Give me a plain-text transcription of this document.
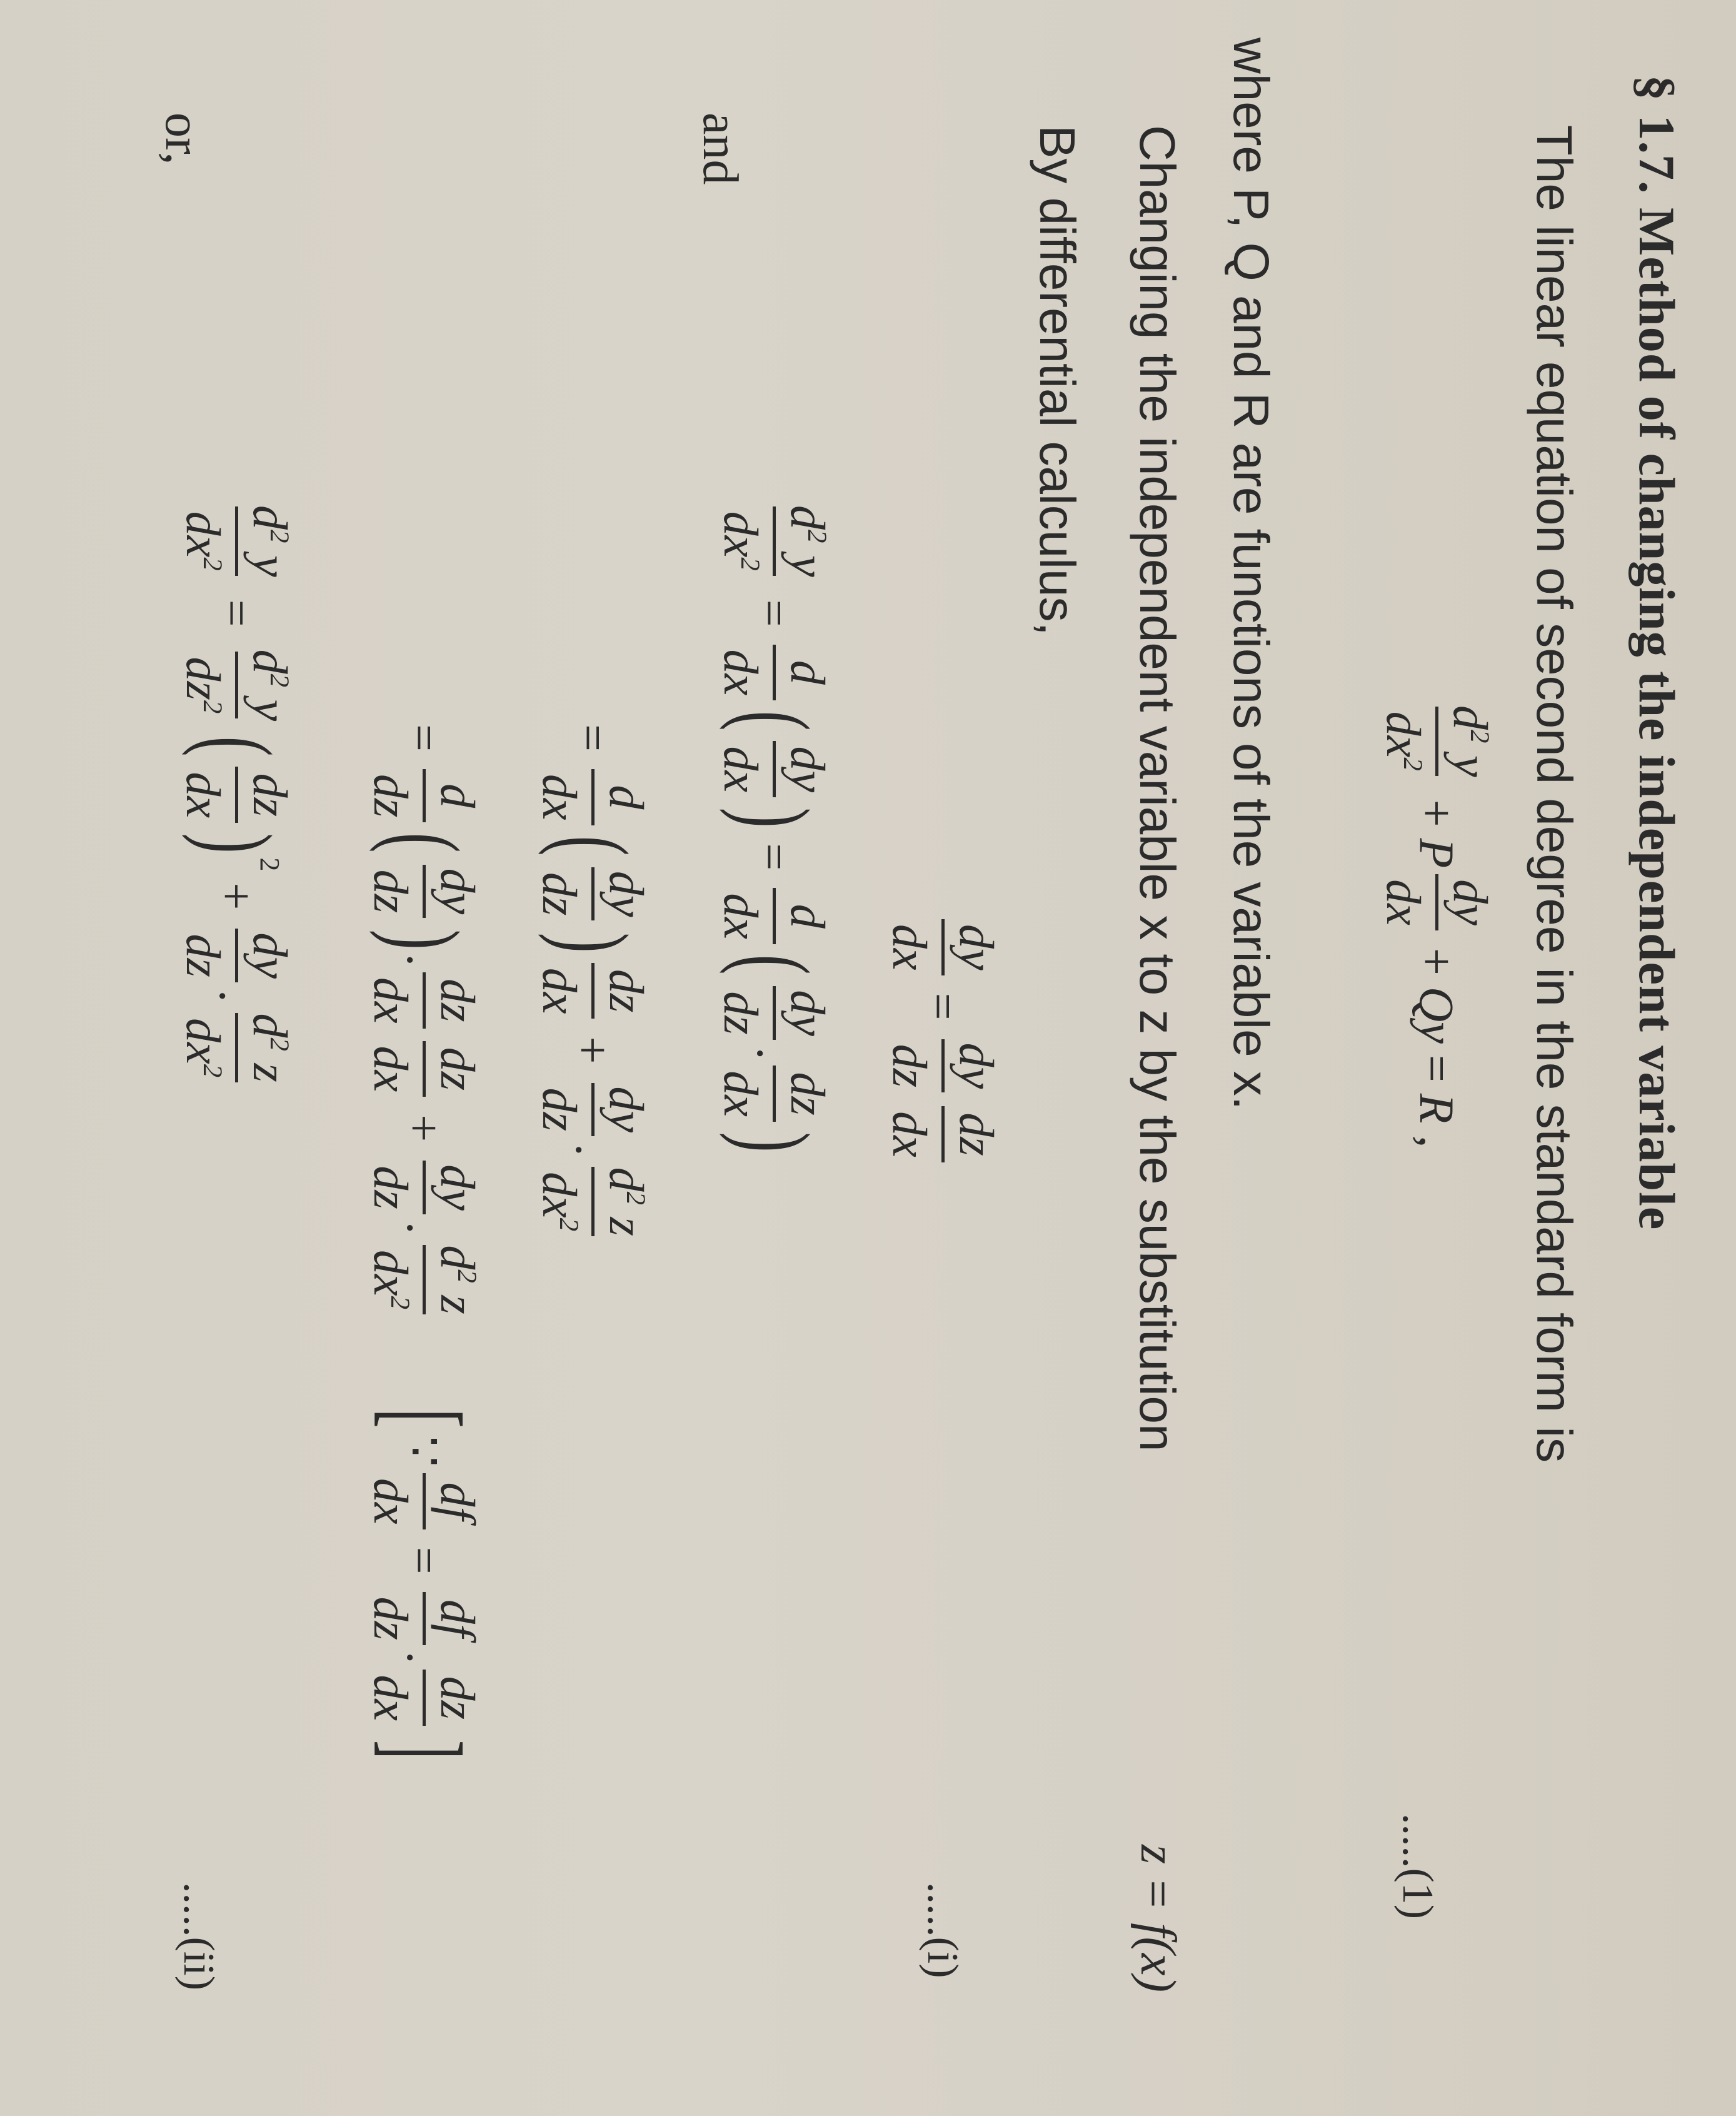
§ 1.7. Method of changing the independent variable
The linear equation of second degree in the standard form is
$d^2$ y
$dx^2$
+
P
dy
dx
+
Qy
=
R
,
.....(1)
where P, Q and R are functions of the variable x.
Changing the independent variable x to z by the substitution
z = f(x)
By differential calculus,
dy
dx
=
dy
dz
dz
dx
.....(i)
and
$d^2$ y
$dx^2$
=
d
dx
(
dy
dx
)
=
d
dx
(
dy
dz
.
dz
dx
)
=
d
dx
(
dy
dz
)
dz
dx
+
dy
dz
.
$d^2$ z
$dx^2$
=
d
dz
(
dy
dz
)
.
dz
dx
dz
dx
+
dy
dz
.
$d^2$ z
$dx^2$
[
∵
df
dx
=
df
dz
.
dz
dx
]
or,
$d^2$ y
$dx^2$
=
$d^2$ y
$dz^2$
(
dz
dx
)
2
+
dy
dz
.
$d^2$ z
$dx^2$
.....(ii)
